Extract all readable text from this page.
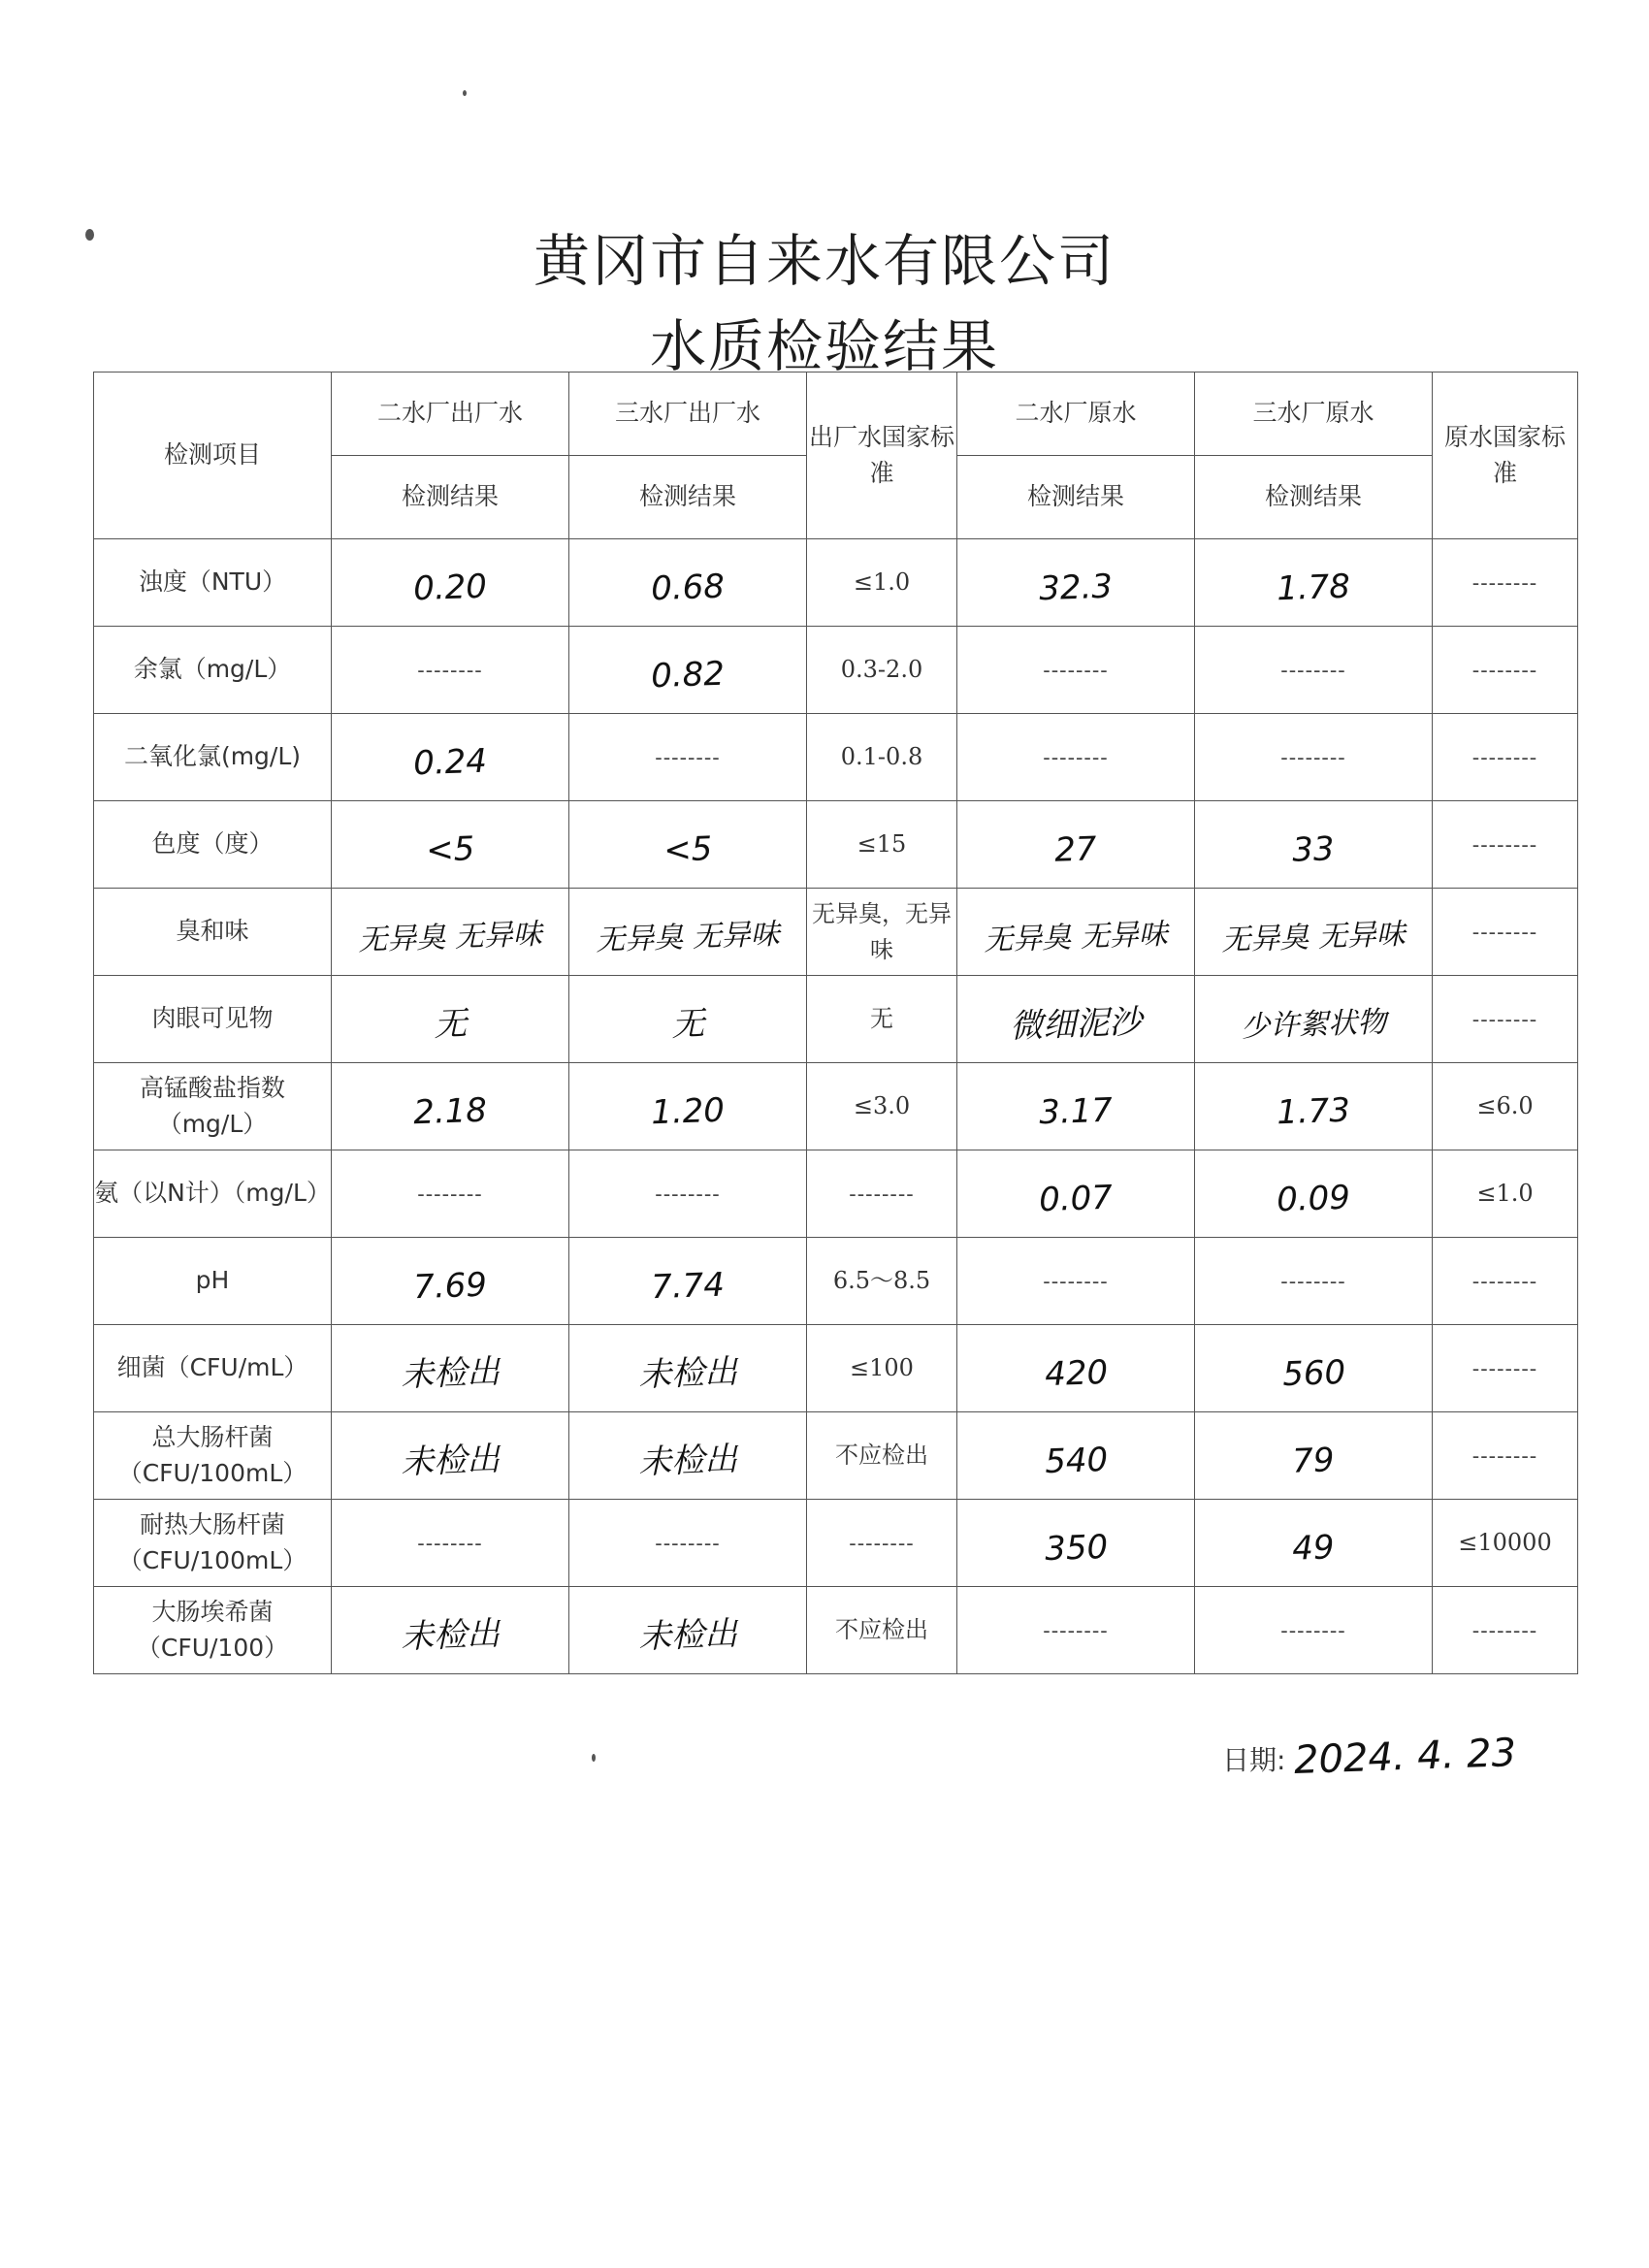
黄冈市自来水有限公司
水质检验结果
检测项目	二水厂出厂水	三水厂出厂水	出厂水国家标准	二水厂原水	三水厂原水	原水国家标准
	检测结果	检测结果		检测结果	检测结果	
浊度（NTU）	0.20	0.68	≤1.0	32.3	1.78	--------
余氯（mg/L）	--------	0.82	0.3-2.0	--------	--------	--------
二氧化氯(mg/L)	0.24	--------	0.1-0.8	--------	--------	--------
色度（度）	<5	<5	≤15	27	33	--------
臭和味	无异臭 无异味	无异臭 无异味	无异臭，无异味	无异臭 无异味	无异臭 无异味	--------
肉眼可见物	无	无	无	微细泥沙	少许絮状物	--------
高锰酸盐指数（mg/L）	2.18	1.20	≤3.0	3.17	1.73	≤6.0
氨（以N计）（mg/L）	--------	--------	--------	0.07	0.09	≤1.0
pH	7.69	7.74	6.5～8.5	--------	--------	--------
细菌（CFU/mL）	未检出	未检出	≤100	420	560	--------
总大肠杆菌（CFU/100mL）	未检出	未检出	不应检出	540	79	--------
耐热大肠杆菌（CFU/100mL）	--------	--------	--------	350	49	≤10000
大肠埃希菌（CFU/100）	未检出	未检出	不应检出	--------	--------	--------
日期: 2024. 4. 23
